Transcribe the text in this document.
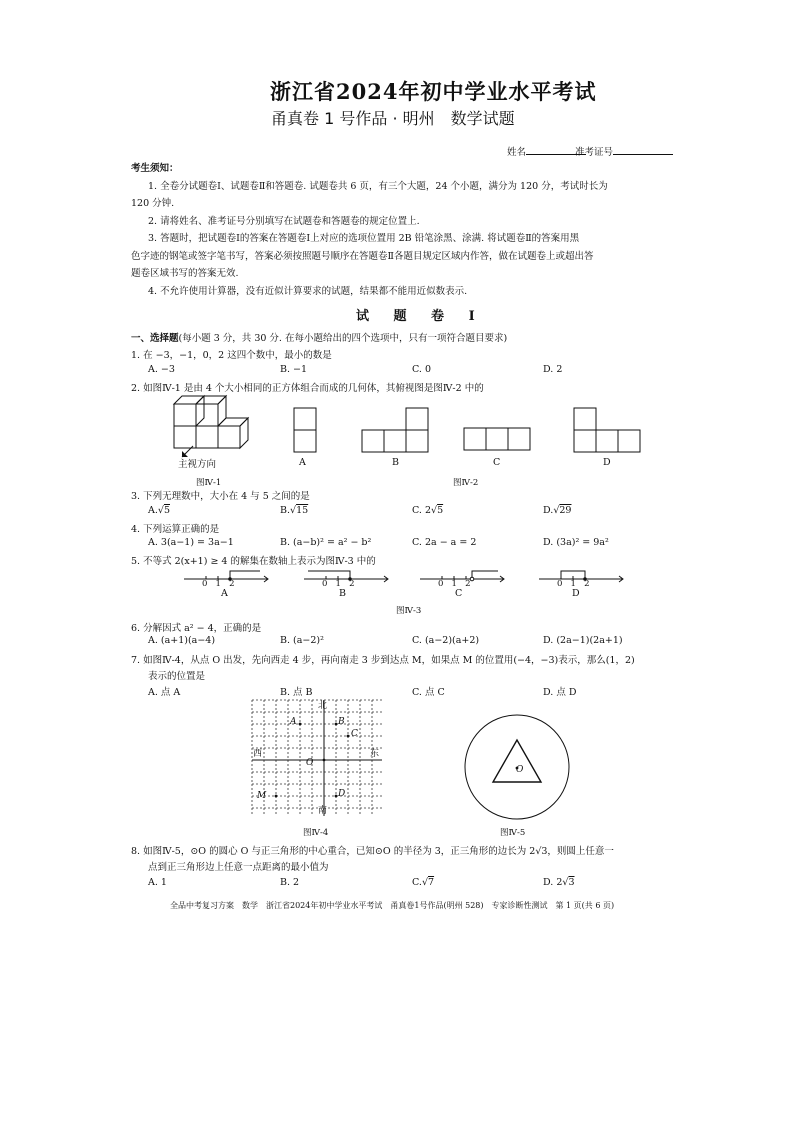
浙江省2024年初中学业水平考试
甬真卷 1 号作品 · 明州　数学试题
姓名	准考证号
考生须知：
1. 全卷分试题卷Ⅰ、试题卷Ⅱ和答题卷. 试题卷共 6 页，有三个大题，24 个小题，满分为 120 分，考试时长为
120 分钟.
2. 请将姓名、准考证号分别填写在试题卷和答题卷的规定位置上.
3. 答题时，把试题卷Ⅰ的答案在答题卷Ⅰ上对应的选项位置用 2B 铅笔涂黑、涂满. 将试题卷Ⅱ的答案用黑
色字迹的钢笔或签字笔书写，答案必须按照题号顺序在答题卷Ⅱ各题目规定区域内作答，做在试题卷上或超出答
题卷区域书写的答案无效.
4. 不允许使用计算器，没有近似计算要求的试题，结果都不能用近似数表示.
试 题 卷 Ⅰ
一、选择题(每小题 3 分，共 30 分. 在每小题给出的四个选项中，只有一项符合题目要求)
1. 在 −3，−1，0，2 这四个数中，最小的数是
A. −3	B. −1	C. 0	D. 2
2. 如图Ⅳ-1 是由 4 个大小相同的正方体组合而成的几何体，其俯视图是图Ⅳ-2 中的
主视方向
图Ⅳ-1
A	B	C	D
图Ⅳ-2
3. 下列无理数中，大小在 4 与 5 之间的是
A.√5	B.√15	C. 2√5	D.√29
4. 下列运算正确的是
A. 3(a−1) = 3a−1	B. (a−b)² = a² − b²	C. 2a − a = 2	D. (3a)² = 9a²
5. 不等式 2(x+1) ≥ 4 的解集在数轴上表示为图Ⅳ-3 中的
0 1 2
A
0 1 2
B
0 1 2
C
0 1 2
D
图Ⅳ-3
6. 分解因式 a² − 4，正确的是
A. (a+1)(a−4)	B. (a−2)²	C. (a−2)(a+2)	D. (2a−1)(2a+1)
7. 如图Ⅳ-4，从点 O 出发，先向西走 4 步，再向南走 3 步到达点 M，如果点 M 的位置用(−4，−3)表示，那么(1，2)
表示的位置是
A. 点 A	B. 点 B	C. 点 C	D. 点 D
北
南
西	东
A	B
C
O
M	D
图Ⅳ-4
O
图Ⅳ-5
8. 如图Ⅳ-5，⊙O 的圆心 O 与正三角形的中心重合，已知⊙O 的半径为 3，正三角形的边长为 2√3，则圆上任意一
点到正三角形边上任意一点距离的最小值为
A. 1	B. 2	C.√7	D. 2√3
全品中考复习方案　数学　浙江省2024年初中学业水平考试　甬真卷1号作品(明州 528)　专家诊断性测试　第 1 页(共 6 页)
